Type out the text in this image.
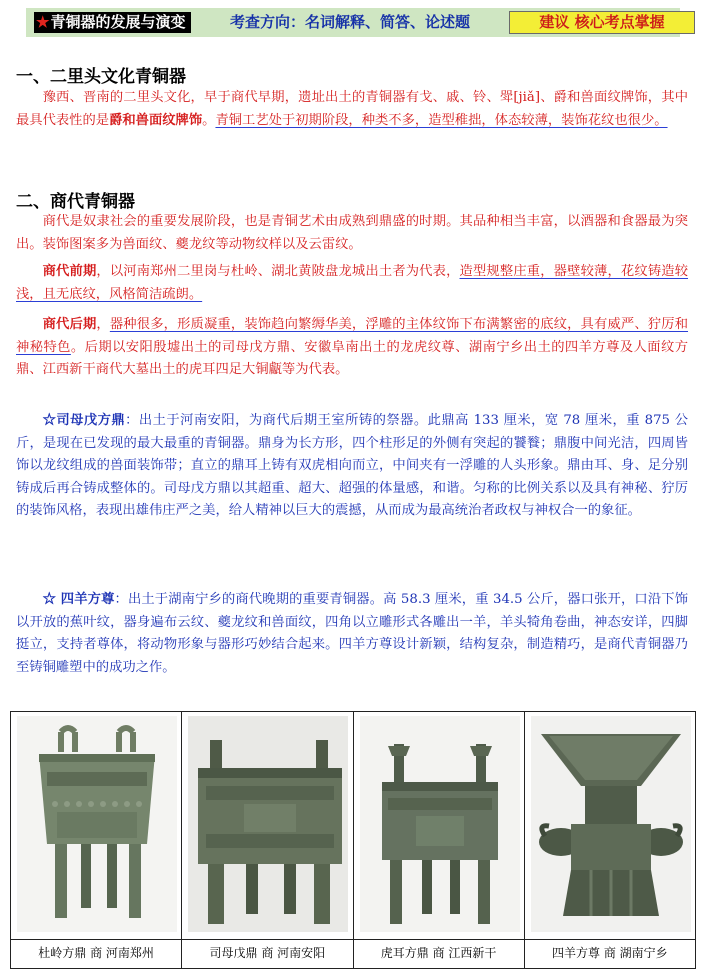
★青铜器的发展与演变	考查方向：名词解释、简答、论述题	建议 核心考点掌握
一、二里头文化青铜器
豫西、晋南的二里头文化，早于商代早期，遗址出土的青铜器有戈、戚、铃、斝[jiǎ]、爵和兽面纹牌饰，其中最具代表性的是爵和兽面纹牌饰。青铜工艺处于初期阶段，种类不多，造型稚拙，体态较薄，装饰花纹也很少。
二、商代青铜器
商代是奴隶社会的重要发展阶段，也是青铜艺术由成熟到鼎盛的时期。其品种相当丰富，以酒器和食器最为突出。装饰图案多为兽面纹、夔龙纹等动物纹样以及云雷纹。
商代前期，以河南郑州二里岗与杜岭、湖北黄陂盘龙城出土者为代表，造型规整庄重，器壁较薄，花纹铸造较浅，且无底纹，风格简洁疏朗。
商代后期，器种很多，形质凝重，装饰趋向繁缛华美，浮雕的主体纹饰下布满繁密的底纹，具有威严、狞厉和神秘特色。后期以安阳殷墟出土的司母戊方鼎、安徽阜南出土的龙虎纹尊、湖南宁乡出土的四羊方尊及人面纹方鼎、江西新干商代大墓出土的虎耳四足大铜甗等为代表。
☆司母戊方鼎：出土于河南安阳，为商代后期王室所铸的祭器。此鼎高 133 厘米，宽 78 厘米，重 875 公斤，是现在已发现的最大最重的青铜器。鼎身为长方形，四个柱形足的外侧有突起的饕餮；鼎腹中间光洁，四周皆饰以龙纹组成的兽面装饰带；直立的鼎耳上铸有双虎相向而立，中间夹有一浮雕的人头形象。鼎由耳、身、足分别铸成后再合铸成整体的。司母戊方鼎以其超重、超大、超强的体量感，和谐。匀称的比例关系以及具有神秘、狞厉的装饰风格，表现出雄伟庄严之美，给人精神以巨大的震撼，从而成为最高统治者政权与神权合一的象征。
☆ 四羊方尊：出土于湖南宁乡的商代晚期的重要青铜器。高 58.3 厘米，重 34.5 公斤，器口张开，口沿下饰以开放的蕉叶纹，器身遍布云纹、夔龙纹和兽面纹，四角以立雕形式各雕出一羊，羊头犄角卷曲，神态安详，四脚挺立，支持者尊体，将动物形象与器形巧妙结合起来。四羊方尊设计新颖，结构复杂，制造精巧，是商代青铜器乃至铸铜雕塑中的成功之作。
杜岭方鼎 商 河南郑州	司母戊鼎 商 河南安阳	虎耳方鼎 商 江西新干	四羊方尊 商 湖南宁乡
